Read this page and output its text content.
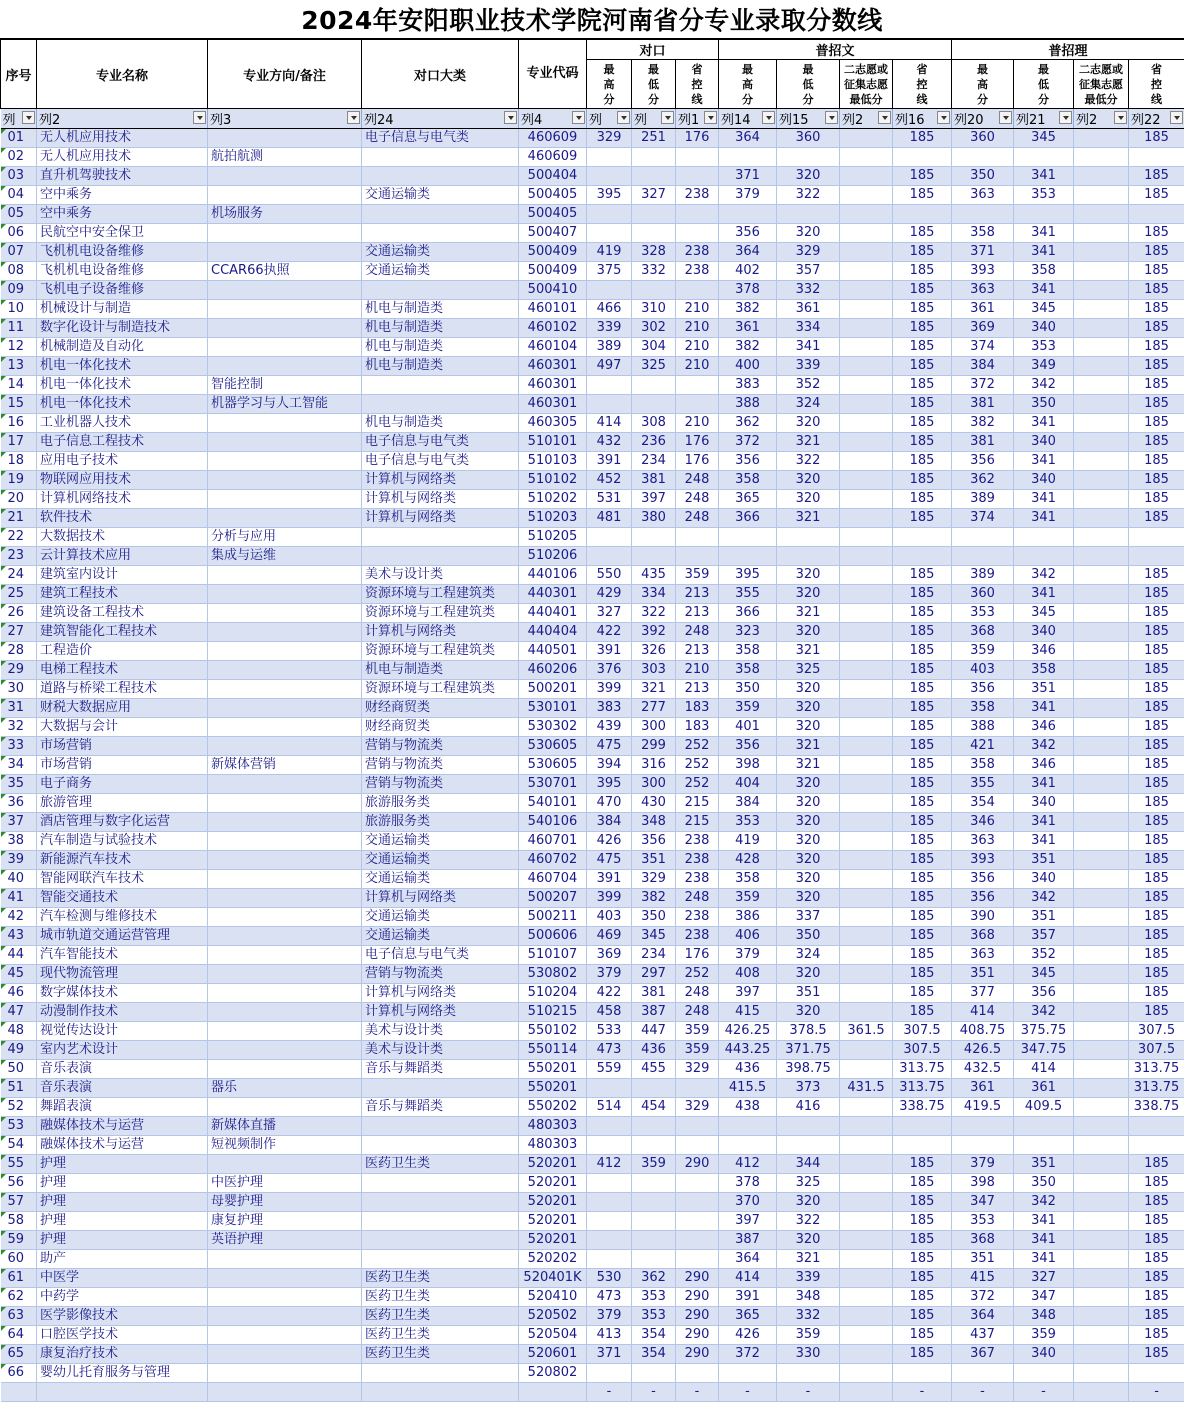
2024年安阳职业技术学院河南省分专业录取分数线
序号	专业名称	专业方向/备注	对口大类	专业代码	对口			普招文				普招理			
					最高分	最低分	省控线	最高分	最低分	二志愿或征集志愿最低分	省控线	最高分	最低分	二志愿或征集志愿最低分	省控线

列	列2	列3	列24	列4	列	列	列1	列14	列15	列2	列16	列20	列21	列2	列22

01	无人机应用技术		电子信息与电气类	460609	329	251	176	364	360		185	360	345		185
02	无人机应用技术	航拍航测		460609											
03	直升机驾驶技术			500404				371	320		185	350	341		185
04	空中乘务		交通运输类	500405	395	327	238	379	322		185	363	353		185
05	空中乘务	机场服务		500405											
06	民航空中安全保卫			500407				356	320		185	358	341		185
07	飞机机电设备维修		交通运输类	500409	419	328	238	364	329		185	371	341		185
08	飞机机电设备维修	CCAR66执照	交通运输类	500409	375	332	238	402	357		185	393	358		185
09	飞机电子设备维修			500410				378	332		185	363	341		185
10	机械设计与制造		机电与制造类	460101	466	310	210	382	361		185	361	345		185
11	数字化设计与制造技术		机电与制造类	460102	339	302	210	361	334		185	369	340		185
12	机械制造及自动化		机电与制造类	460104	389	304	210	382	341		185	374	353		185
13	机电一体化技术		机电与制造类	460301	497	325	210	400	339		185	384	349		185
14	机电一体化技术	智能控制		460301				383	352		185	372	342		185
15	机电一体化技术	机器学习与人工智能		460301				388	324		185	381	350		185
16	工业机器人技术		机电与制造类	460305	414	308	210	362	320		185	382	341		185
17	电子信息工程技术		电子信息与电气类	510101	432	236	176	372	321		185	381	340		185
18	应用电子技术		电子信息与电气类	510103	391	234	176	356	322		185	356	341		185
19	物联网应用技术		计算机与网络类	510102	452	381	248	358	320		185	362	340		185
20	计算机网络技术		计算机与网络类	510202	531	397	248	365	320		185	389	341		185
21	软件技术		计算机与网络类	510203	481	380	248	366	321		185	374	341		185
22	大数据技术	分析与应用		510205											
23	云计算技术应用	集成与运维		510206											
24	建筑室内设计		美术与设计类	440106	550	435	359	395	320		185	389	342		185
25	建筑工程技术		资源环境与工程建筑类	440301	429	334	213	355	320		185	360	341		185
26	建筑设备工程技术		资源环境与工程建筑类	440401	327	322	213	366	321		185	353	345		185
27	建筑智能化工程技术		计算机与网络类	440404	422	392	248	323	320		185	368	340		185
28	工程造价		资源环境与工程建筑类	440501	391	326	213	358	321		185	359	346		185
29	电梯工程技术		机电与制造类	460206	376	303	210	358	325		185	403	358		185
30	道路与桥梁工程技术		资源环境与工程建筑类	500201	399	321	213	350	320		185	356	351		185
31	财税大数据应用		财经商贸类	530101	383	277	183	359	320		185	358	341		185
32	大数据与会计		财经商贸类	530302	439	300	183	401	320		185	388	346		185
33	市场营销		营销与物流类	530605	475	299	252	356	321		185	421	342		185
34	市场营销	新媒体营销	营销与物流类	530605	394	316	252	398	321		185	358	346		185
35	电子商务		营销与物流类	530701	395	300	252	404	320		185	355	341		185
36	旅游管理		旅游服务类	540101	470	430	215	384	320		185	354	340		185
37	酒店管理与数字化运营		旅游服务类	540106	384	348	215	353	320		185	346	341		185
38	汽车制造与试验技术		交通运输类	460701	426	356	238	419	320		185	363	341		185
39	新能源汽车技术		交通运输类	460702	475	351	238	428	320		185	393	351		185
40	智能网联汽车技术		交通运输类	460704	391	329	238	358	320		185	356	340		185
41	智能交通技术		计算机与网络类	500207	399	382	248	359	320		185	356	342		185
42	汽车检测与维修技术		交通运输类	500211	403	350	238	386	337		185	390	351		185
43	城市轨道交通运营管理		交通运输类	500606	469	345	238	406	350		185	368	357		185
44	汽车智能技术		电子信息与电气类	510107	369	234	176	379	324		185	363	352		185
45	现代物流管理		营销与物流类	530802	379	297	252	408	320		185	351	345		185
46	数字媒体技术		计算机与网络类	510204	422	381	248	397	351		185	377	356		185
47	动漫制作技术		计算机与网络类	510215	458	387	248	415	320		185	414	342		185
48	视觉传达设计		美术与设计类	550102	533	447	359	426.25	378.5	361.5	307.5	408.75	375.75		307.5
49	室内艺术设计		美术与设计类	550114	473	436	359	443.25	371.75		307.5	426.5	347.75		307.5
50	音乐表演		音乐与舞蹈类	550201	559	455	329	436	398.75		313.75	432.5	414		313.75
51	音乐表演	器乐		550201				415.5	373	431.5	313.75	361	361		313.75
52	舞蹈表演		音乐与舞蹈类	550202	514	454	329	438	416		338.75	419.5	409.5		338.75
53	融媒体技术与运营	新媒体直播		480303											
54	融媒体技术与运营	短视频制作		480303											
55	护理		医药卫生类	520201	412	359	290	412	344		185	379	351		185
56	护理	中医护理		520201				378	325		185	398	350		185
57	护理	母婴护理		520201				370	320		185	347	342		185
58	护理	康复护理		520201				397	322		185	353	341		185
59	护理	英语护理		520201				387	320		185	368	341		185
60	助产			520202				364	321		185	351	341		185
61	中医学		医药卫生类	520401K	530	362	290	414	339		185	415	327		185
62	中药学		医药卫生类	520410	473	353	290	391	348		185	372	347		185
63	医学影像技术		医药卫生类	520502	379	353	290	365	332		185	364	348		185
64	口腔医学技术		医药卫生类	520504	413	354	290	426	359		185	437	359		185
65	康复治疗技术		医药卫生类	520601	371	354	290	372	330		185	367	340		185
66	婴幼儿托育服务与管理			520802											
					-	-	-	-	-		-	-	-		-
